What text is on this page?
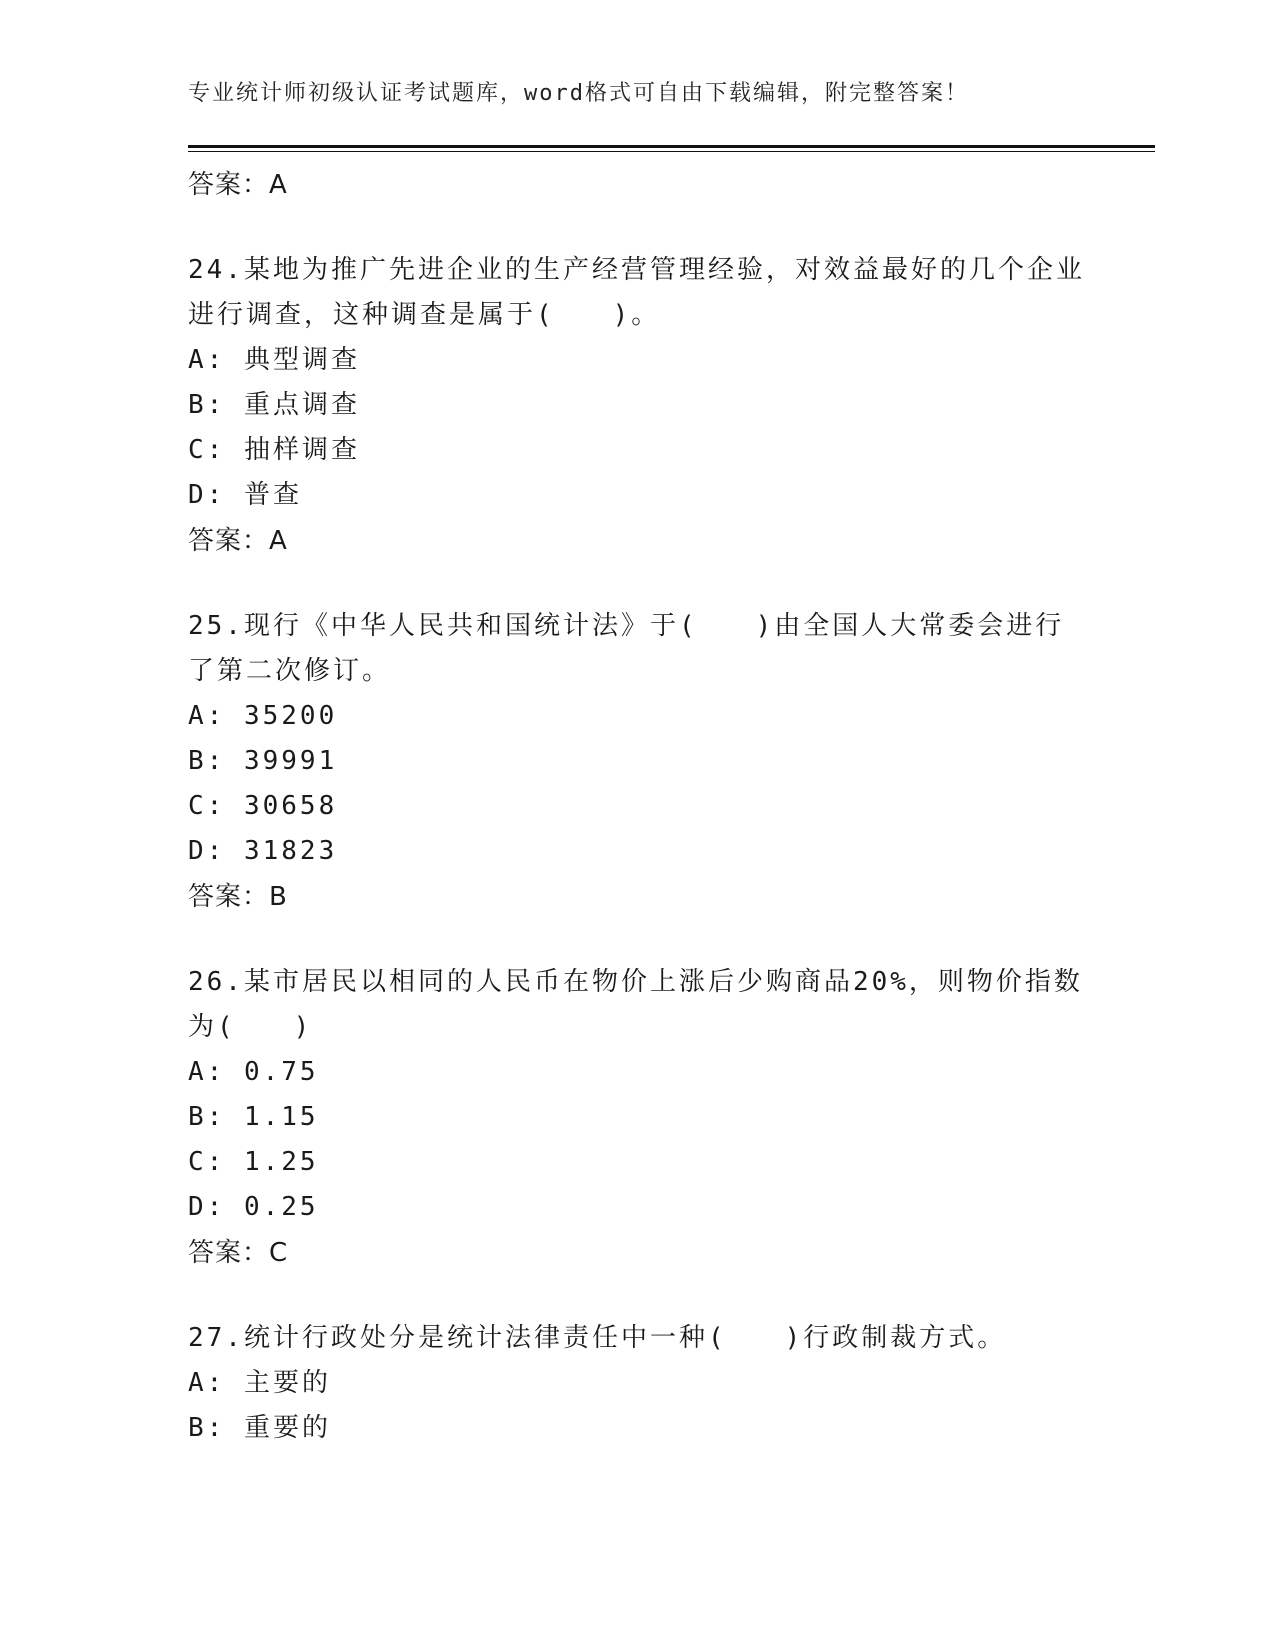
专业统计师初级认证考试题库，word格式可自由下载编辑，附完整答案！
答案：A
24.某地为推广先进企业的生产经营管理经验，对效益最好的几个企业进行调查，这种调查是属于(　　)。
A: 典型调查
B: 重点调查
C: 抽样调查
D: 普查
答案：A
25.现行《中华人民共和国统计法》于(　　)由全国人大常委会进行了第二次修订。
A: 35200
B: 39991
C: 30658
D: 31823
答案：B
26.某市居民以相同的人民币在物价上涨后少购商品20%，则物价指数为(　　)
A: 0.75
B: 1.15
C: 1.25
D: 0.25
答案：C
27.统计行政处分是统计法律责任中一种(　　)行政制裁方式。
A: 主要的
B: 重要的
